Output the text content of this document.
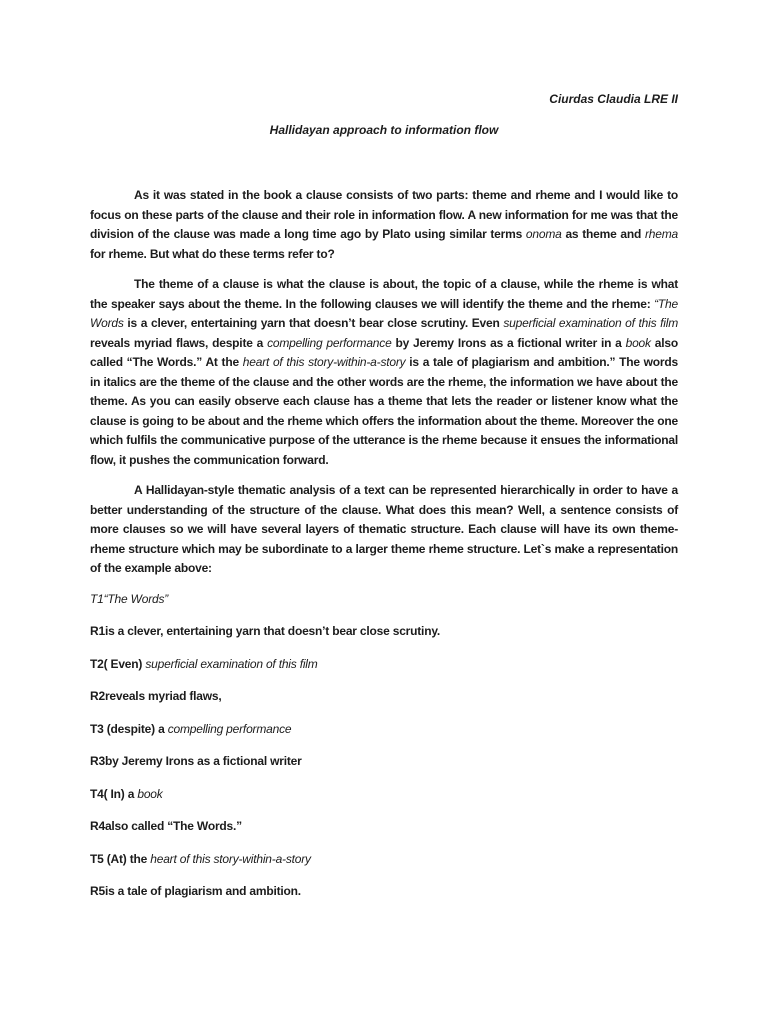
Ciurdas Claudia LRE II
Hallidayan approach to information flow

As it was stated in the book a clause consists of two parts: theme and rheme and I would like to focus on these parts of the clause and their role in information flow. A new information for me was that the division of the clause was made a long time ago by Plato using similar terms onoma as theme and rhema for rheme. But what do these terms refer to?

The theme of a clause is what the clause is about, the topic of a clause, while the rheme is what the speaker says about the theme. In the following clauses we will identify the theme and the rheme: “The Words is a clever, entertaining yarn that doesn’t bear close scrutiny. Even superficial examination of this film reveals myriad flaws, despite a compelling performance by Jeremy Irons as a fictional writer in a book also called “The Words.” At the heart of this story-within-a-story is a tale of plagiarism and ambition.” The words in italics are the theme of the clause and the other words are the rheme, the information we have about the theme. As you can easily observe each clause has a theme that lets the reader or listener know what the clause is going to be about and the rheme which offers the information about the theme. Moreover the one which fulfils the communicative purpose of the utterance is the rheme because it ensues the informational flow, it pushes the communication forward.

A Hallidayan-style thematic analysis of a text can be represented hierarchically in order to have a better understanding of the structure of the clause. What does this mean? Well, a sentence consists of more clauses so we will have several layers of thematic structure. Each clause will have its own theme-rheme structure which may be subordinate to a larger theme rheme structure. Let`s make a representation of the example above:

T1“The Words”
R1is a clever, entertaining yarn that doesn’t bear close scrutiny.
T2( Even) superficial examination of this film
R2reveals myriad flaws,
T3 (despite) a compelling performance
R3by Jeremy Irons as a fictional writer
T4( In) a book
R4also called “The Words.”
T5 (At) the heart of this story-within-a-story
R5is a tale of plagiarism and ambition.
